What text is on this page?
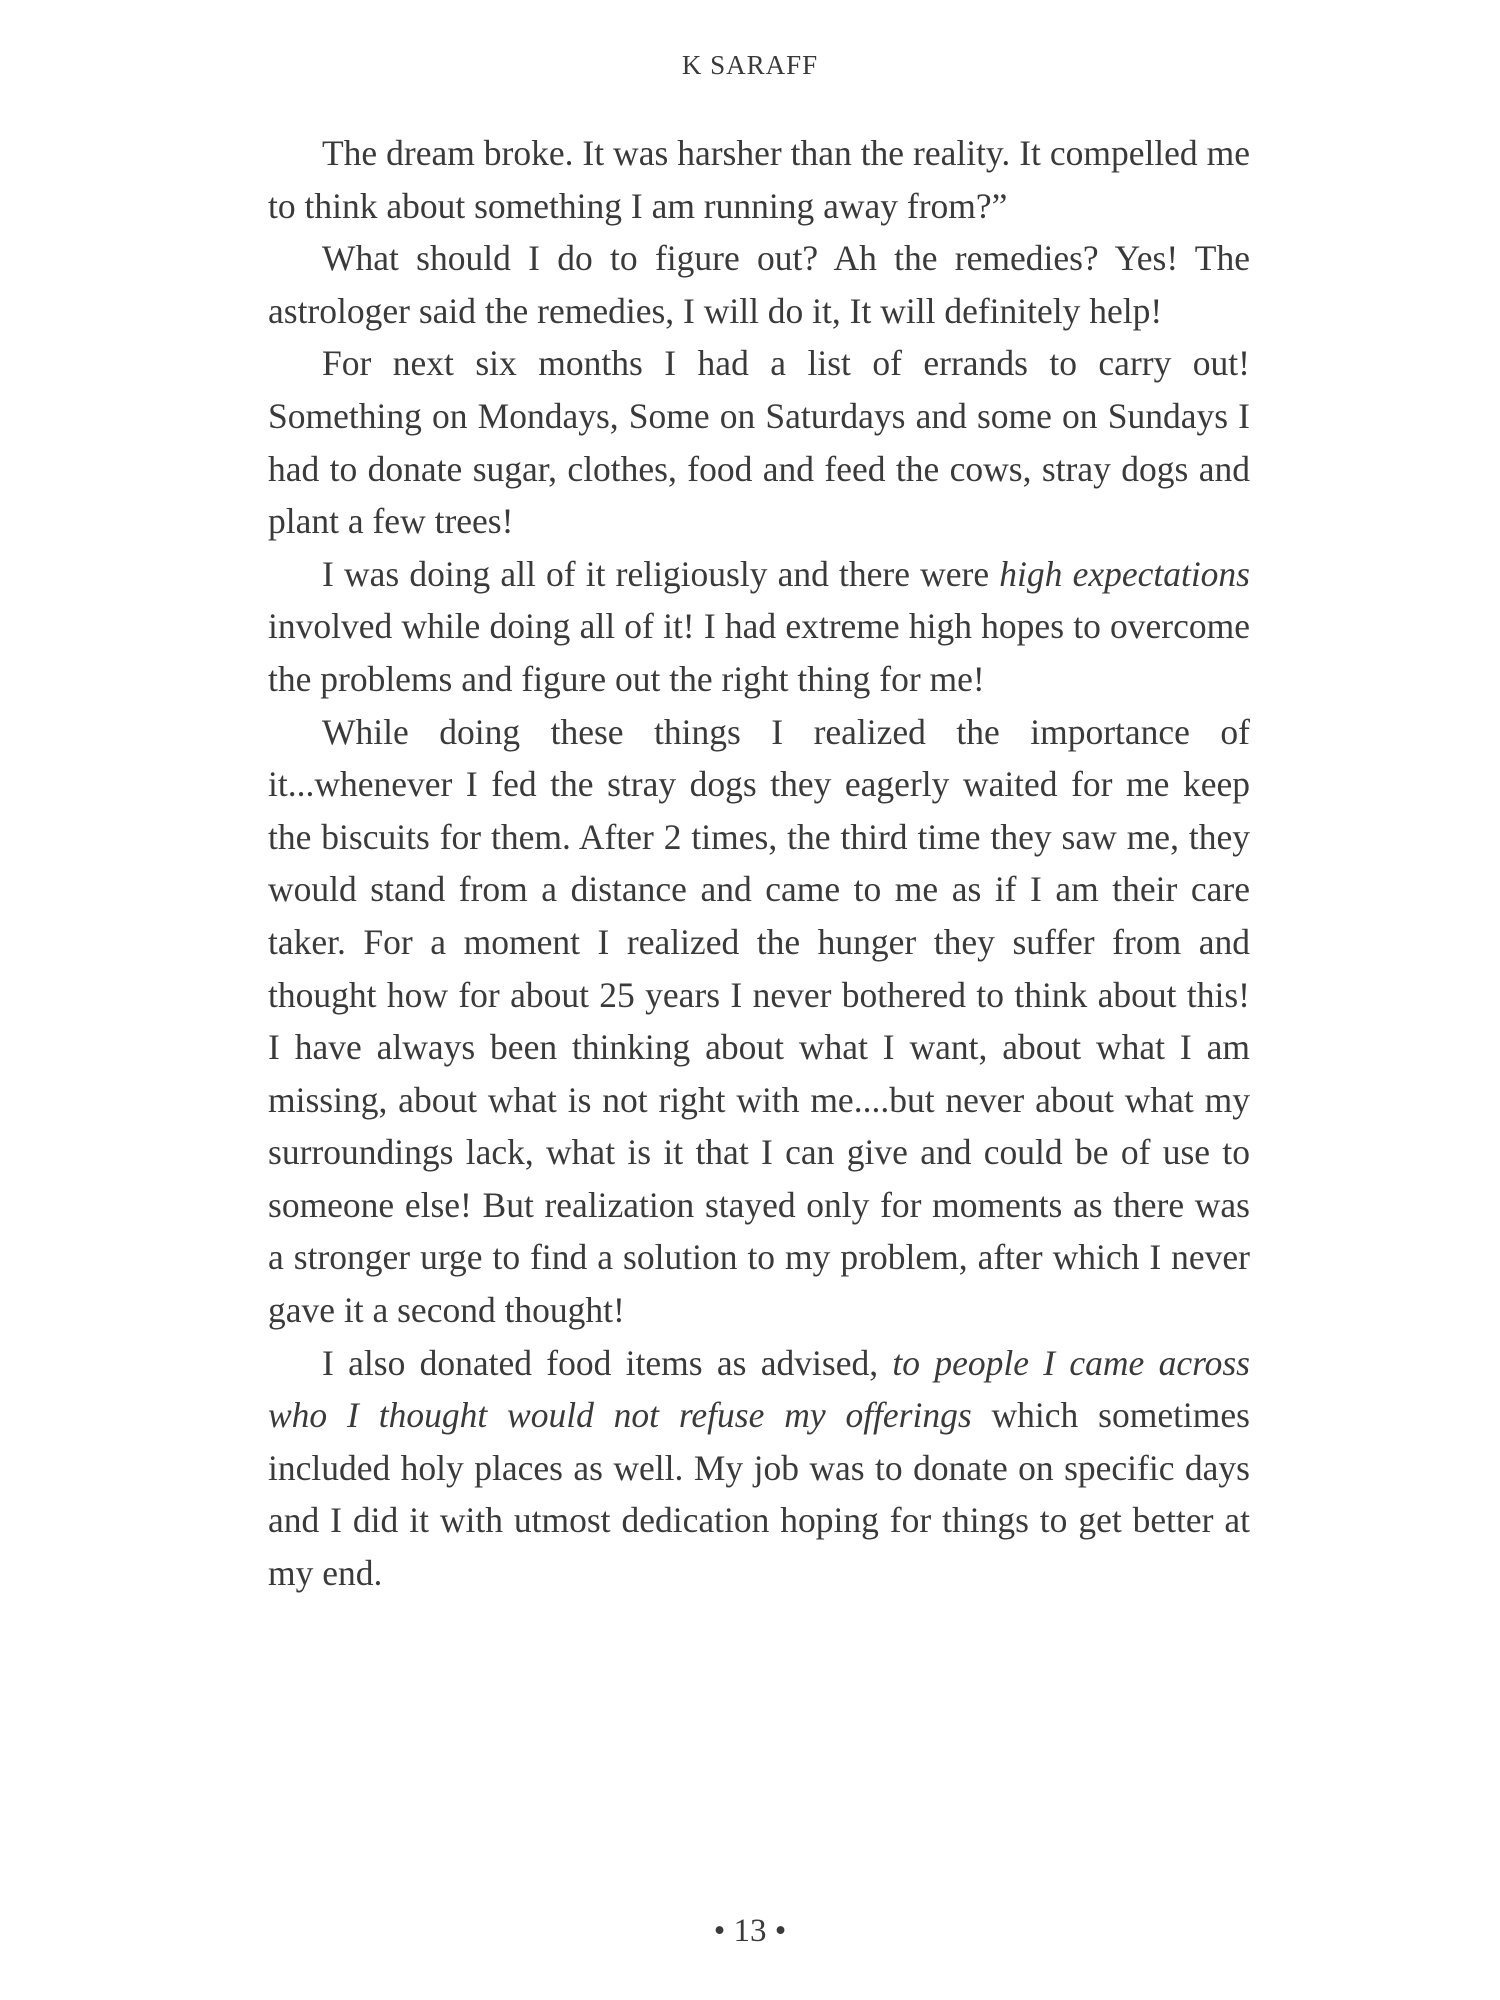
K SARAFF

The dream broke. It was harsher than the reality. It compelled me to think about something I am running away from?”

What should I do to figure out? Ah the remedies? Yes! The astrologer said the remedies, I will do it, It will definitely help!

For next six months I had a list of errands to carry out! Something on Mondays, Some on Saturdays and some on Sundays I had to donate sugar, clothes, food and feed the cows, stray dogs and plant a few trees!

I was doing all of it religiously and there were high expectations involved while doing all of it! I had extreme high hopes to overcome the problems and figure out the right thing for me!

While doing these things I realized the importance of it...whenever I fed the stray dogs they eagerly waited for me keep the biscuits for them. After 2 times, the third time they saw me, they would stand from a distance and came to me as if I am their care taker. For a moment I realized the hunger they suffer from and thought how for about 25 years I never bothered to think about this! I have always been thinking about what I want, about what I am missing, about what is not right with me....but never about what my surroundings lack, what is it that I can give and could be of use to someone else! But realization stayed only for moments as there was a stronger urge to find a solution to my problem, after which I never gave it a second thought!

I also donated food items as advised, to people I came across who I thought would not refuse my offerings which sometimes included holy places as well. My job was to donate on specific days and I did it with utmost dedication hoping for things to get better at my end.

• 13 •
